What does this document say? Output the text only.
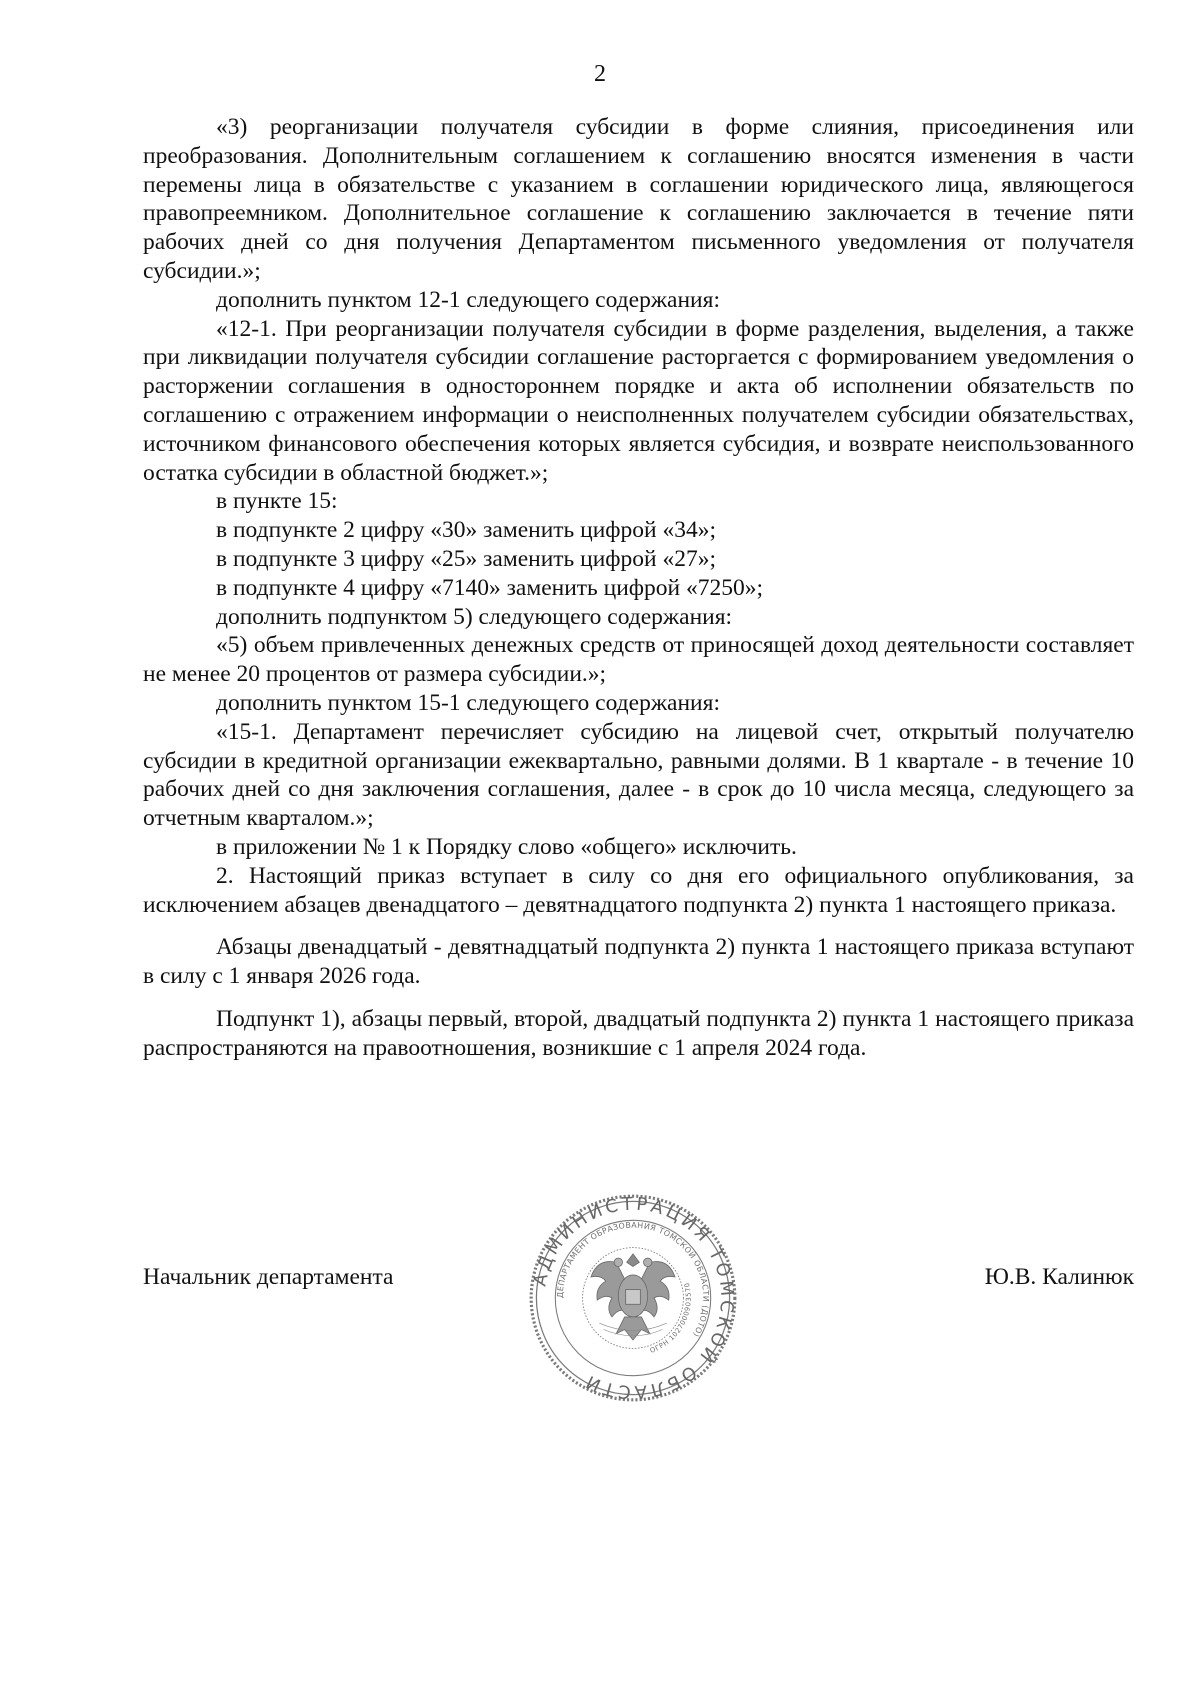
2

«3) реорганизации получателя субсидии в форме слияния, присоединения или преобразования. Дополнительным соглашением к соглашению вносятся изменения в части перемены лица в обязательстве с указанием в соглашении юридического лица, являющегося правопреемником. Дополнительное соглашение к соглашению заключается в течение пяти рабочих дней со дня получения Департаментом письменного уведомления от получателя субсидии.»;

дополнить пунктом 12-1 следующего содержания:

«12-1. При реорганизации получателя субсидии в форме разделения, выделения, а также при ликвидации получателя субсидии соглашение расторгается с формированием уведомления о расторжении соглашения в одностороннем порядке и акта об исполнении обязательств по соглашению с отражением информации о неисполненных получателем субсидии обязательствах, источником финансового обеспечения которых является субсидия, и возврате неиспользованного остатка субсидии в областной бюджет.»;

в пункте 15:

в подпункте 2 цифру «30» заменить цифрой «34»;

в подпункте 3 цифру «25» заменить цифрой «27»;

в подпункте 4 цифру «7140» заменить цифрой «7250»;

дополнить подпунктом 5) следующего содержания:

«5) объем привлеченных денежных средств от приносящей доход деятельности составляет не менее 20 процентов от размера субсидии.»;

дополнить пунктом 15-1 следующего содержания:

«15-1. Департамент перечисляет субсидию на лицевой счет, открытый получателю субсидии в кредитной организации ежеквартально, равными долями. В 1 квартале - в течение 10 рабочих дней со дня заключения соглашения, далее - в срок до 10 числа месяца, следующего за отчетным кварталом.»;

в приложении № 1 к Порядку слово «общего» исключить.

2. Настоящий приказ вступает в силу со дня его официального опубликования, за исключением абзацев двенадцатого – девятнадцатого подпункта 2) пункта 1 настоящего приказа.

Абзацы двенадцатый - девятнадцатый подпункта 2) пункта 1 настоящего приказа вступают в силу с 1 января 2026 года.

Подпункт 1), абзацы первый, второй, двадцатый подпункта 2) пункта 1 настоящего приказа распространяются на правоотношения, возникшие с 1 апреля 2024 года.

Начальник департамента	Ю.В. Калинюк
АДМИНИСТРАЦИЯ ТОМСКОЙ ОБЛАСТИ
ДЕПАРТАМЕНТ ОБРАЗОВАНИЯ ТОМСКОЙ ОБЛАСТИ (ДОТО)
ОГРН 1027000903570
